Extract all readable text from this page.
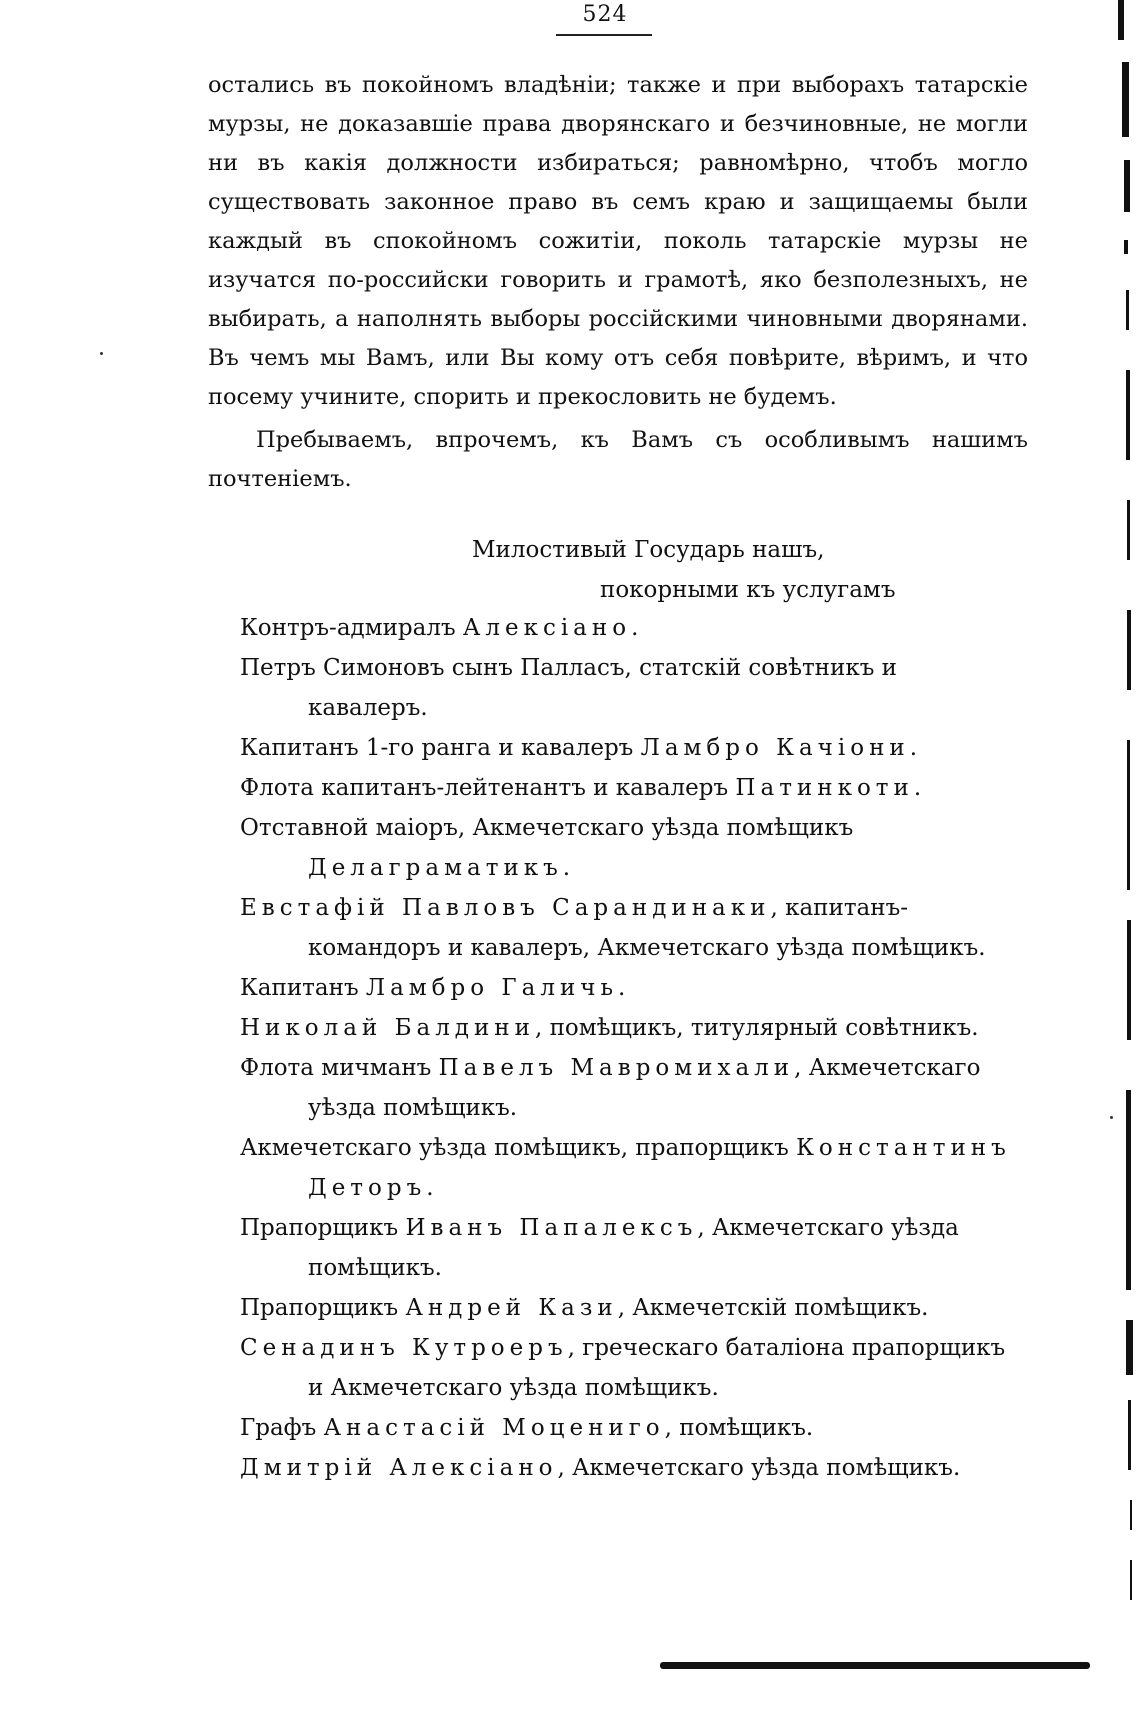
524

остались въ покойномъ владѣніи; также и при выборахъ татарскіе мурзы, не доказавшіе права дворянскаго и безчиновные, не могли ни въ какія должности избираться; равномѣрно, чтобъ могло существовать законное право въ семъ краю и защищаемы были каждый въ спокойномъ сожитіи, поколь татарскіе мурзы не изучатся по-российски говорить и грамотѣ, яко безполезныхъ, не выбирать, а наполнять выборы россійскими чиновными дворянами. Въ чемъ мы Вамъ, или Вы кому отъ себя повѣрите, вѣримъ, и что посему учините, спорить и прекословить не будемъ.

Пребываемъ, впрочемъ, къ Вамъ съ особливымъ нашимъ почтеніемъ.

Милостивый Государь нашъ,
покорными къ услугамъ

Контръ-адмиралъ Алексіано.

Петръ Симоновъ сынъ Палласъ, статскій совѣтникъ и кавалеръ.

Капитанъ 1-го ранга и кавалеръ Ламбро Качіони.

Флота капитанъ-лейтенантъ и кавалеръ Патинкоти.

Отставной маіоръ, Акмечетскаго уѣзда помѣщикъ Делаграматикъ.

Евстафій Павловъ Сарандинаки, капитанъ-командоръ и кавалеръ, Акмечетскаго уѣзда помѣщикъ.

Капитанъ Ламбро Галичь.

Николай Балдини, помѣщикъ, титулярный совѣтникъ.

Флота мичманъ Павелъ Мавромихали, Акмечетскаго уѣзда помѣщикъ.

Акмечетскаго уѣзда помѣщикъ, прапорщикъ Константинъ Деторъ.

Прапорщикъ Иванъ Папалексъ, Акмечетскаго уѣзда помѣщикъ.

Прапорщикъ Андрей Кази, Акмечетскій помѣщикъ.

Сенадинъ Кутроеръ, греческаго баталіона прапорщикъ и Акмечетскаго уѣзда помѣщикъ.

Графъ Анастасій Моцениго, помѣщикъ.

Дмитрій Алексіано, Акмечетскаго уѣзда помѣщикъ.
